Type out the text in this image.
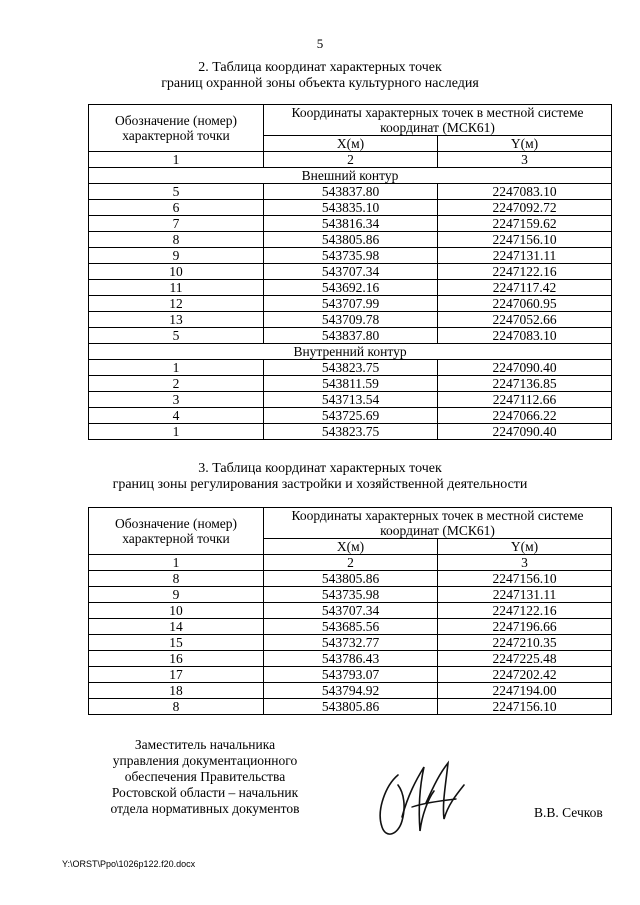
5
2. Таблица координат характерных точек
границ охранной зоны объекта культурного наследия
Обозначение (номер) характерной точки	Координаты характерных точек в местной системе координат (МСК61)	
	X(м)	Y(м)
1	2	3
Внешний контур		
5	543837.80	2247083.10
6	543835.10	2247092.72
7	543816.34	2247159.62
8	543805.86	2247156.10
9	543735.98	2247131.11
10	543707.34	2247122.16
11	543692.16	2247117.42
12	543707.99	2247060.95
13	543709.78	2247052.66
5	543837.80	2247083.10
Внутренний контур		
1	543823.75	2247090.40
2	543811.59	2247136.85
3	543713.54	2247112.66
4	543725.69	2247066.22
1	543823.75	2247090.40
3. Таблица координат характерных точек
границ зоны регулирования застройки и хозяйственной деятельности
Обозначение (номер) характерной точки	Координаты характерных точек в местной системе координат (МСК61)	
	X(м)	Y(м)
1	2	3
8	543805.86	2247156.10
9	543735.98	2247131.11
10	543707.34	2247122.16
14	543685.56	2247196.66
15	543732.77	2247210.35
16	543786.43	2247225.48
17	543793.07	2247202.42
18	543794.92	2247194.00
8	543805.86	2247156.10
Заместитель начальника
управления документационного
обеспечения Правительства
Ростовской области – начальник
отдела нормативных документов	В.В. Сечков
Y:\ORST\Ppo\1026p122.f20.docx
